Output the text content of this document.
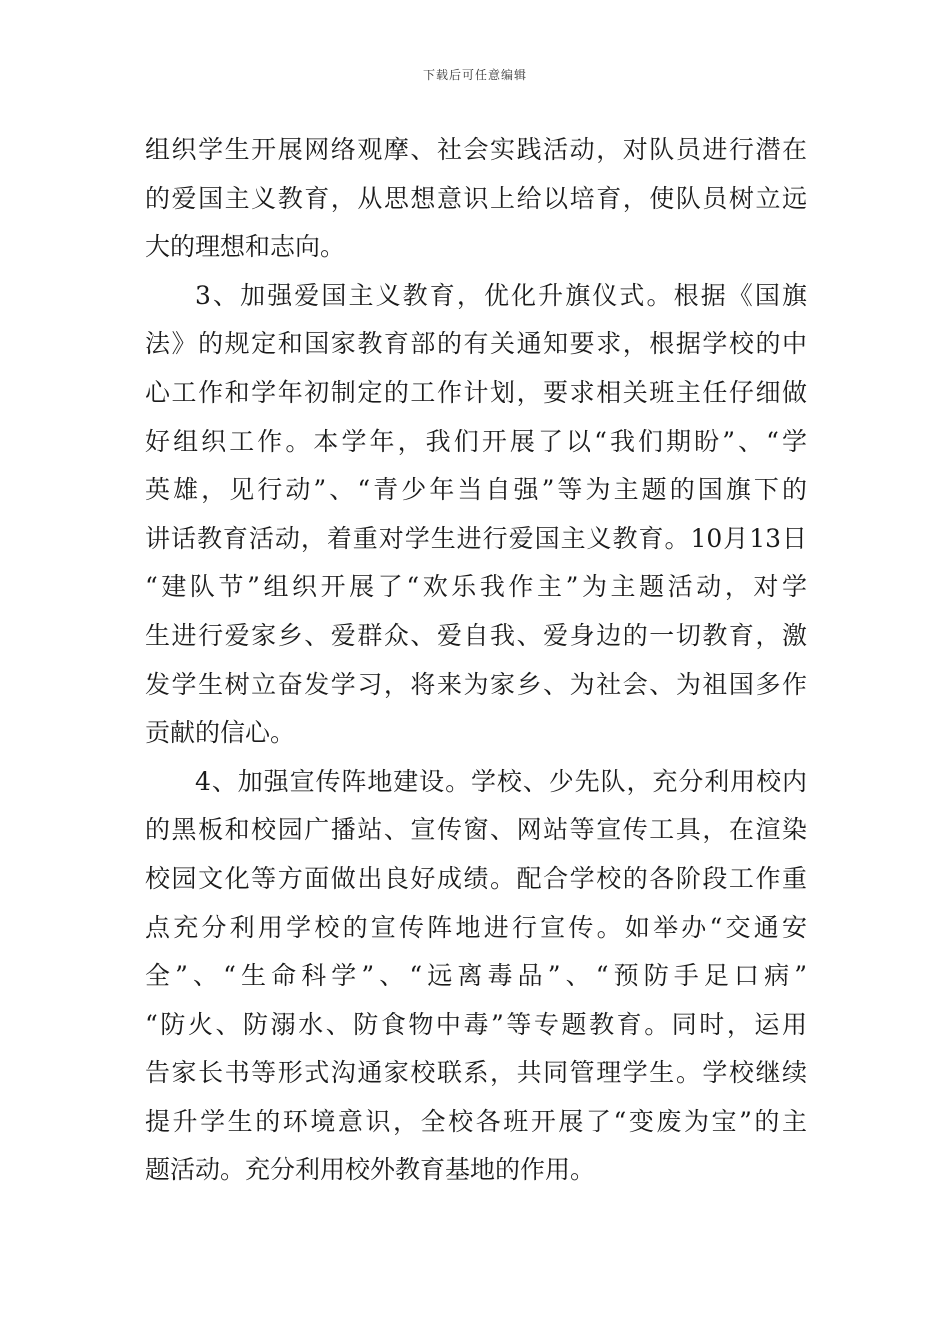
下载后可任意编辑
组织学生开展网络观摩、社会实践活动，对队员进行潜在
的爱国主义教育，从思想意识上给以培育，使队员树立远
大的理想和志向。
3、加强爱国主义教育，优化升旗仪式。根据《国旗
法》的规定和国家教育部的有关通知要求，根据学校的中
心工作和学年初制定的工作计划，要求相关班主任仔细做
好组织工作。本学年，我们开展了以“我们期盼”、“学
英雄，见行动”、“青少年当自强”等为主题的国旗下的
讲话教育活动，着重对学生进行爱国主义教育。10月13日
“建队节”组织开展了“欢乐我作主”为主题活动，对学
生进行爱家乡、爱群众、爱自我、爱身边的一切教育，激
发学生树立奋发学习，将来为家乡、为社会、为祖国多作
贡献的信心。
4、加强宣传阵地建设。学校、少先队，充分利用校内
的黑板和校园广播站、宣传窗、网站等宣传工具，在渲染
校园文化等方面做出良好成绩。配合学校的各阶段工作重
点充分利用学校的宣传阵地进行宣传。如举办“交通安
全”、“生命科学”、“远离毒品”、“预防手足口病”
“防火、防溺水、防食物中毒”等专题教育。同时，运用
告家长书等形式沟通家校联系，共同管理学生。学校继续
提升学生的环境意识，全校各班开展了“变废为宝”的主
题活动。充分利用校外教育基地的作用。
